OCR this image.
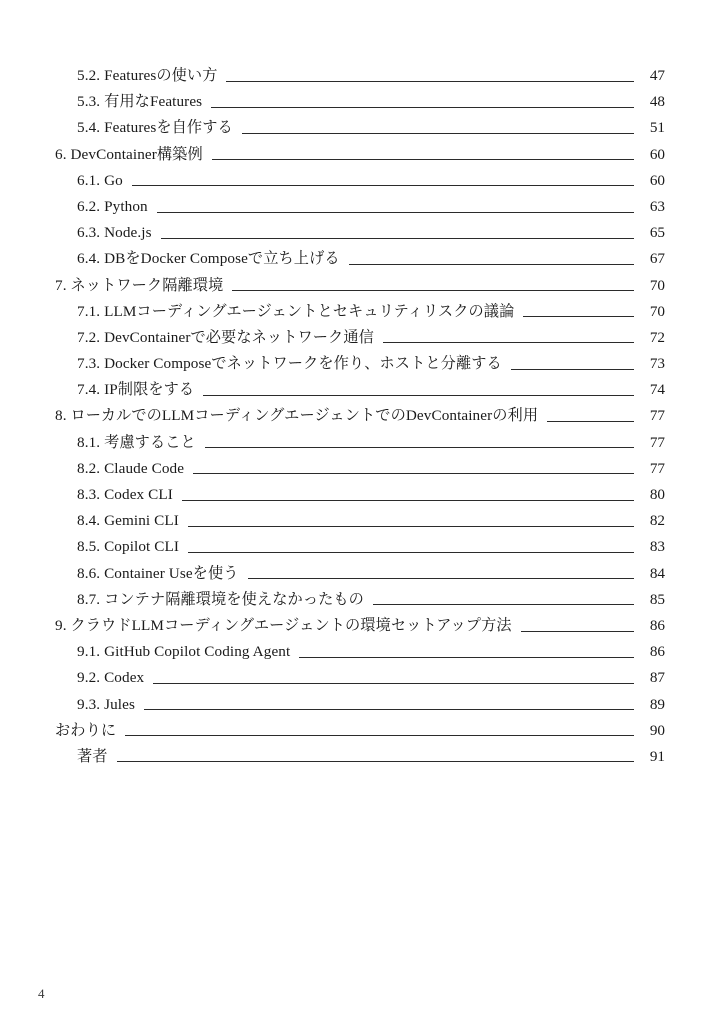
5.2. Featuresの使い方	47
5.3. 有用なFeatures	48
5.4. Featuresを自作する	51
6. DevContainer構築例	60
6.1. Go	60
6.2. Python	63
6.3. Node.js	65
6.4. DBをDocker Composeで立ち上げる	67
7. ネットワーク隔離環境	70
7.1. LLMコーディングエージェントとセキュリティリスクの議論	70
7.2. DevContainerで必要なネットワーク通信	72
7.3. Docker Composeでネットワークを作り、ホストと分離する	73
7.4. IP制限をする	74
8. ローカルでのLLMコーディングエージェントでのDevContainerの利用	77
8.1. 考慮すること	77
8.2. Claude Code	77
8.3. Codex CLI	80
8.4. Gemini CLI	82
8.5. Copilot CLI	83
8.6. Container Useを使う	84
8.7. コンテナ隔離環境を使えなかったもの	85
9. クラウドLLMコーディングエージェントの環境セットアップ方法	86
9.1. GitHub Copilot Coding Agent	86
9.2. Codex	87
9.3. Jules	89
おわりに	90
著者	91
4
